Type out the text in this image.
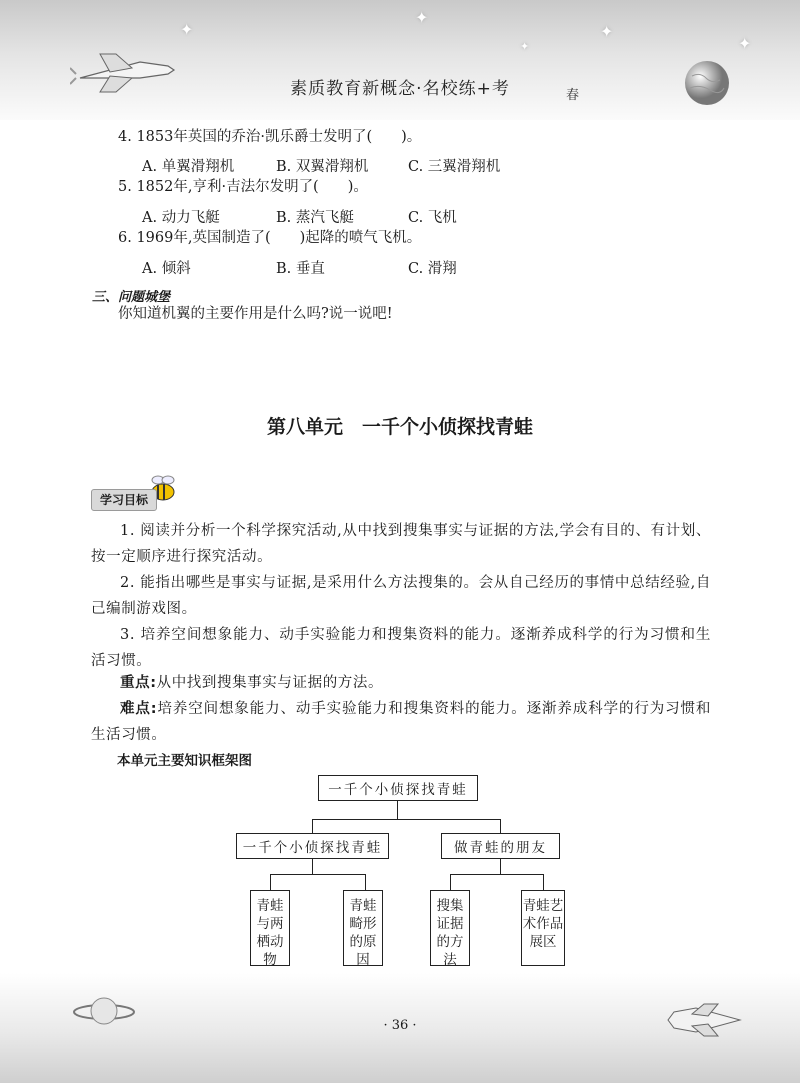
✦
✦
✦
✦
✦
素质教育新概念·名校练+考	春
4. 1853年英国的乔治·凯乐爵士发明了(　　)。
A. 单翼滑翔机	B. 双翼滑翔机	C. 三翼滑翔机
5. 1852年,亨利·吉法尔发明了(　　)。
A. 动力飞艇	B. 蒸汽飞艇	C. 飞机
6. 1969年,英国制造了(　　)起降的喷气飞机。
A. 倾斜	B. 垂直	C. 滑翔
三、问题城堡
你知道机翼的主要作用是什么吗?说一说吧!
第八单元　一千个小侦探找青蛙
学习目标
1. 阅读并分析一个科学探究活动,从中找到搜集事实与证据的方法,学会有目的、有计划、按一定顺序进行探究活动。
2. 能指出哪些是事实与证据,是采用什么方法搜集的。会从自己经历的事情中总结经验,自己编制游戏图。
3. 培养空间想象能力、动手实验能力和搜集资料的能力。逐渐养成科学的行为习惯和生活习惯。
重点:从中找到搜集事实与证据的方法。
难点:培养空间想象能力、动手实验能力和搜集资料的能力。逐渐养成科学的行为习惯和生活习惯。
本单元主要知识框架图
一千个小侦探找青蛙
一千个小侦探找青蛙	做青蛙的朋友
青蛙与两栖动物
青蛙畸形的原因
搜集证据的方法
青蛙艺术作品展区
· 36 ·
